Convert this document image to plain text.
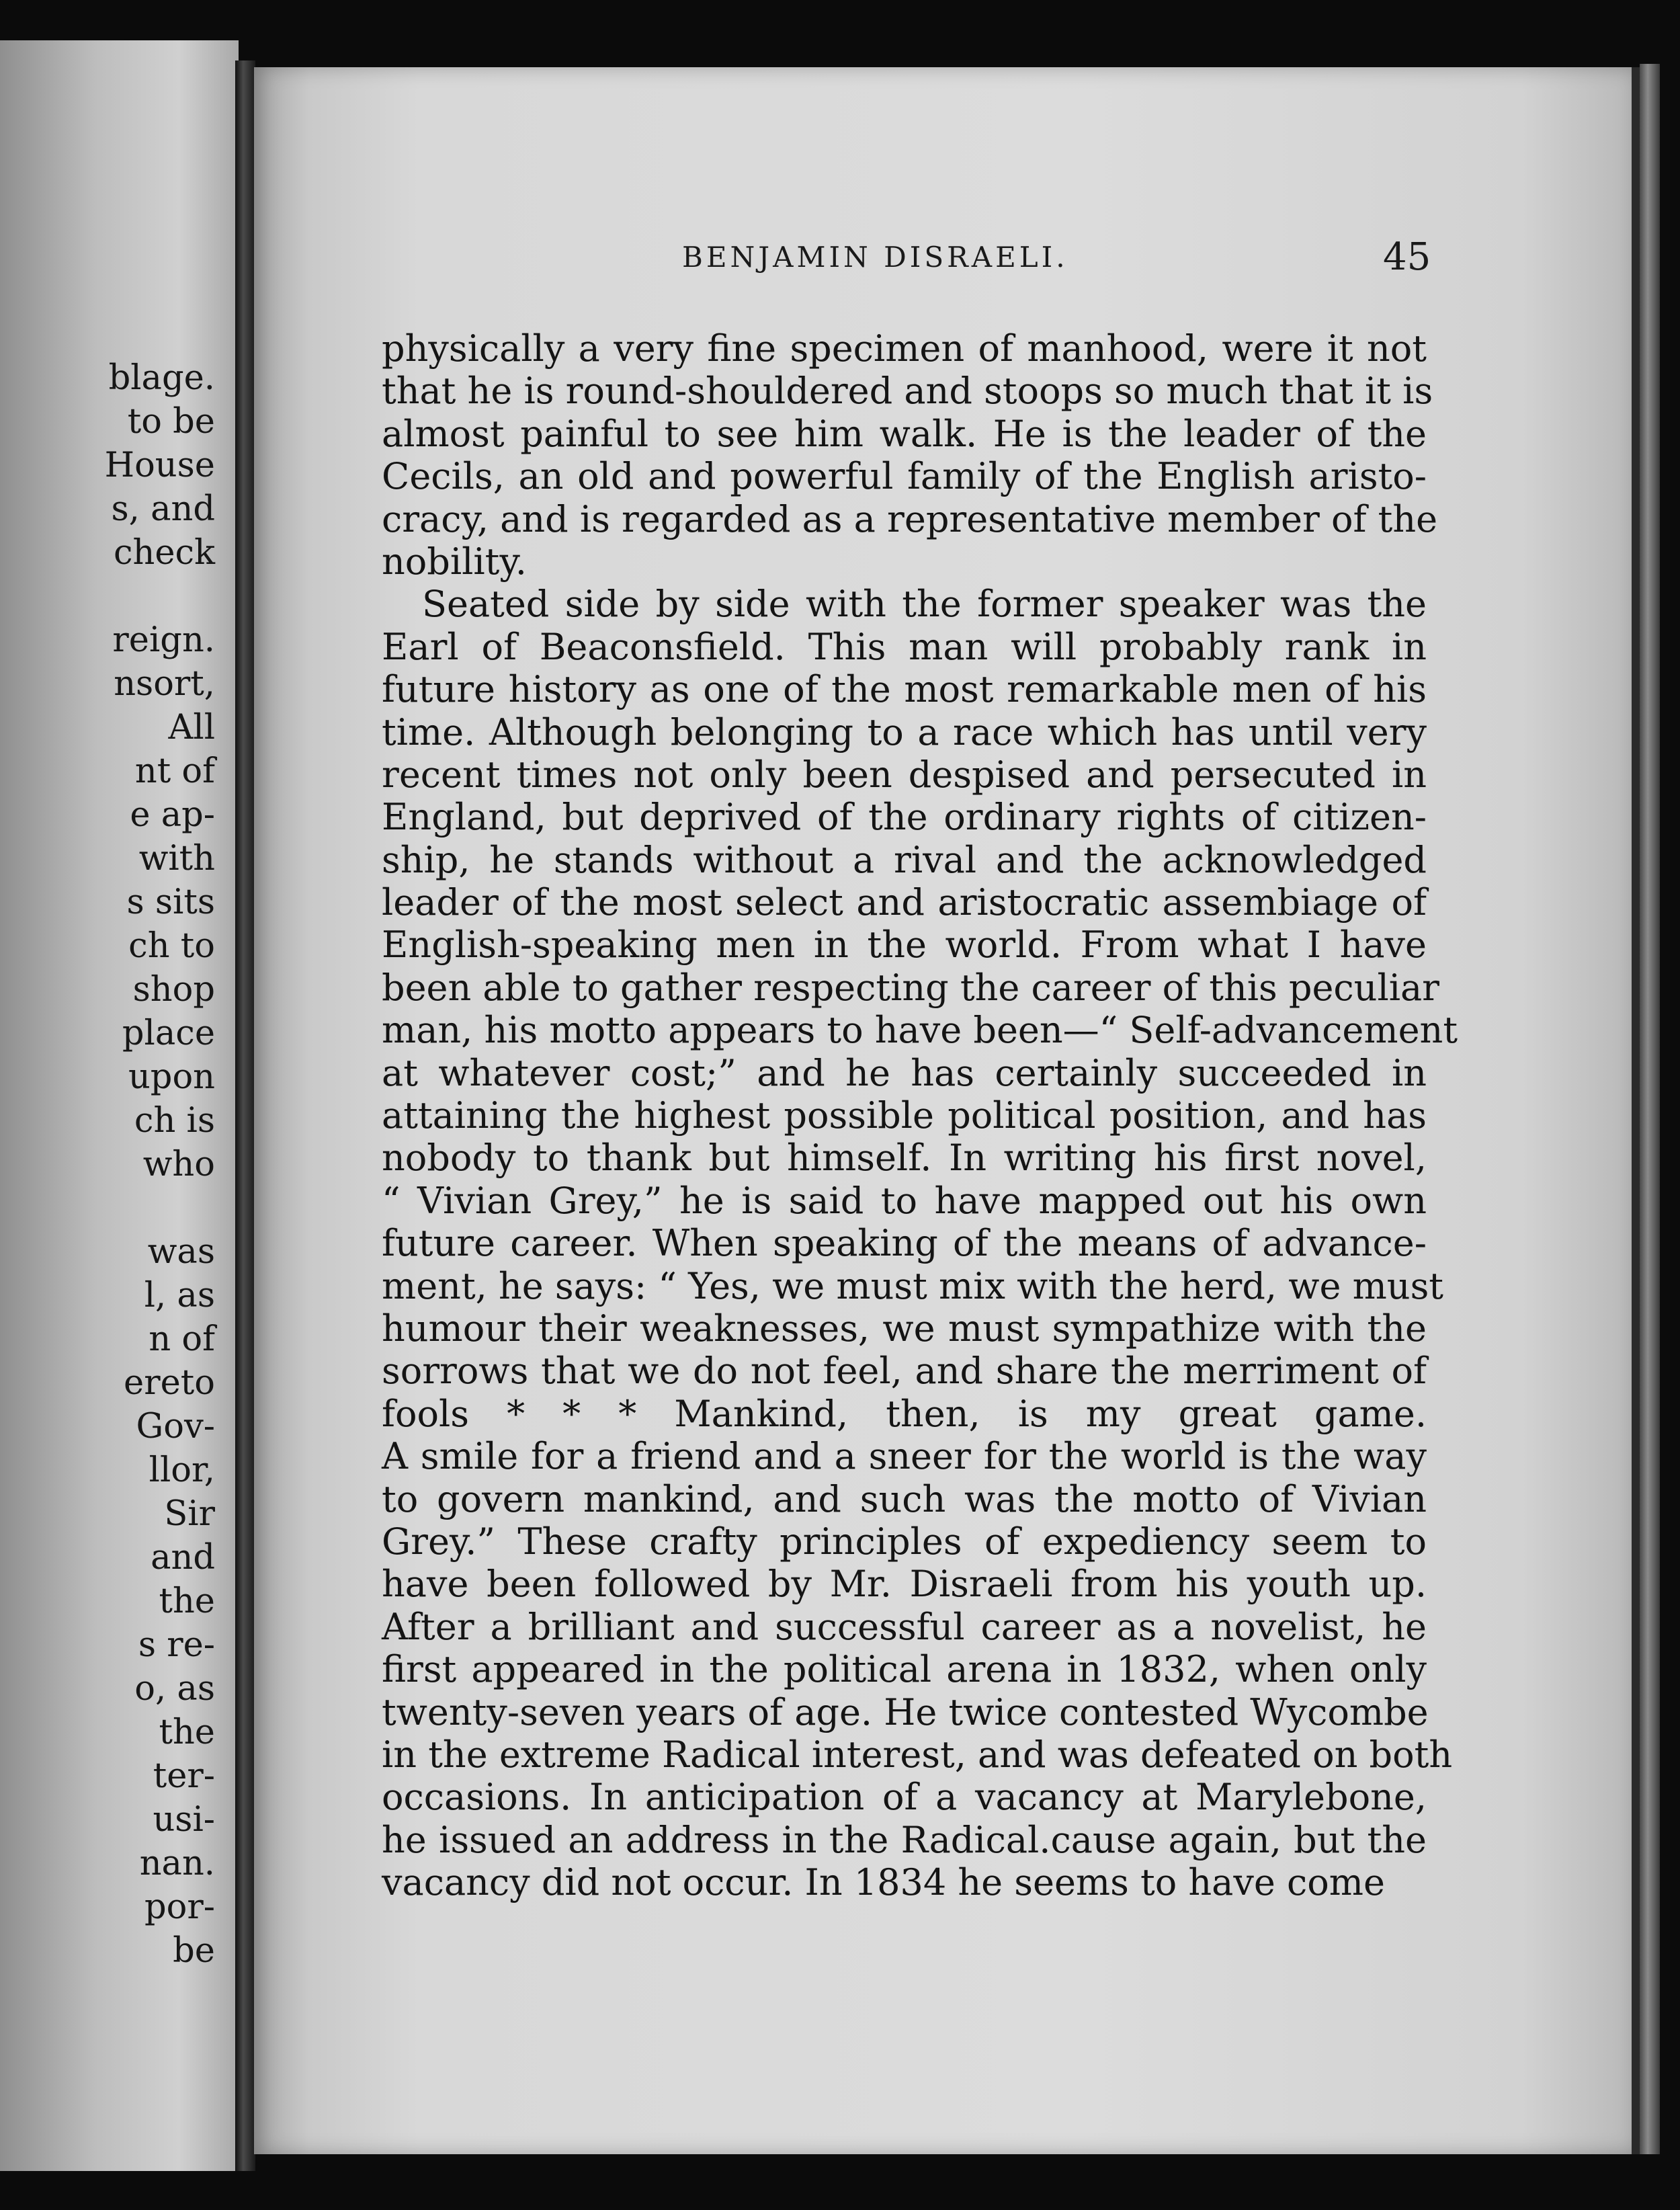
blage.
to be
House
s, and
check
reign.
nsort,
All
nt of
e ap-
with
s sits
ch to
shop
place
upon
ch is
who
was
l, as
n of
ereto
Gov-
llor,
Sir
and
the
s re-
o, as
the
ter-
usi-
nan.
por-
be
BENJAMIN DISRAELI.	45
physically a very fine specimen of manhood, were it not
that he is round-shouldered and stoops so much that it is
almost painful to see him walk. He is the leader of the
Cecils, an old and powerful family of the English aristo-
cracy, and is regarded as a representative member of the
nobility.
Seated side by side with the former speaker was the
Earl of Beaconsfield. This man will probably rank in
future history as one of the most remarkable men of his
time. Although belonging to a race which has until very
recent times not only been despised and persecuted in
England, but deprived of the ordinary rights of citizen-
ship, he stands without a rival and the acknowledged
leader of the most select and aristocratic assembiage of
English-speaking men in the world. From what I have
been able to gather respecting the career of this peculiar
man, his motto appears to have been—“ Self-advancement
at whatever cost;” and he has certainly succeeded in
attaining the highest possible political position, and has
nobody to thank but himself. In writing his first novel,
“ Vivian Grey,” he is said to have mapped out his own
future career. When speaking of the means of advance-
ment, he says: “ Yes, we must mix with the herd, we must
humour their weaknesses, we must sympathize with the
sorrows that we do not feel, and share the merriment of
fools * * * Mankind, then, is my great game.
A smile for a friend and a sneer for the world is the way
to govern mankind, and such was the motto of Vivian
Grey.” These crafty principles of expediency seem to
have been followed by Mr. Disraeli from his youth up.
After a brilliant and successful career as a novelist, he
first appeared in the political arena in 1832, when only
twenty-seven years of age. He twice contested Wycombe
in the extreme Radical interest, and was defeated on both
occasions. In anticipation of a vacancy at Marylebone,
he issued an address in the Radical.cause again, but the
vacancy did not occur. In 1834 he seems to have come
